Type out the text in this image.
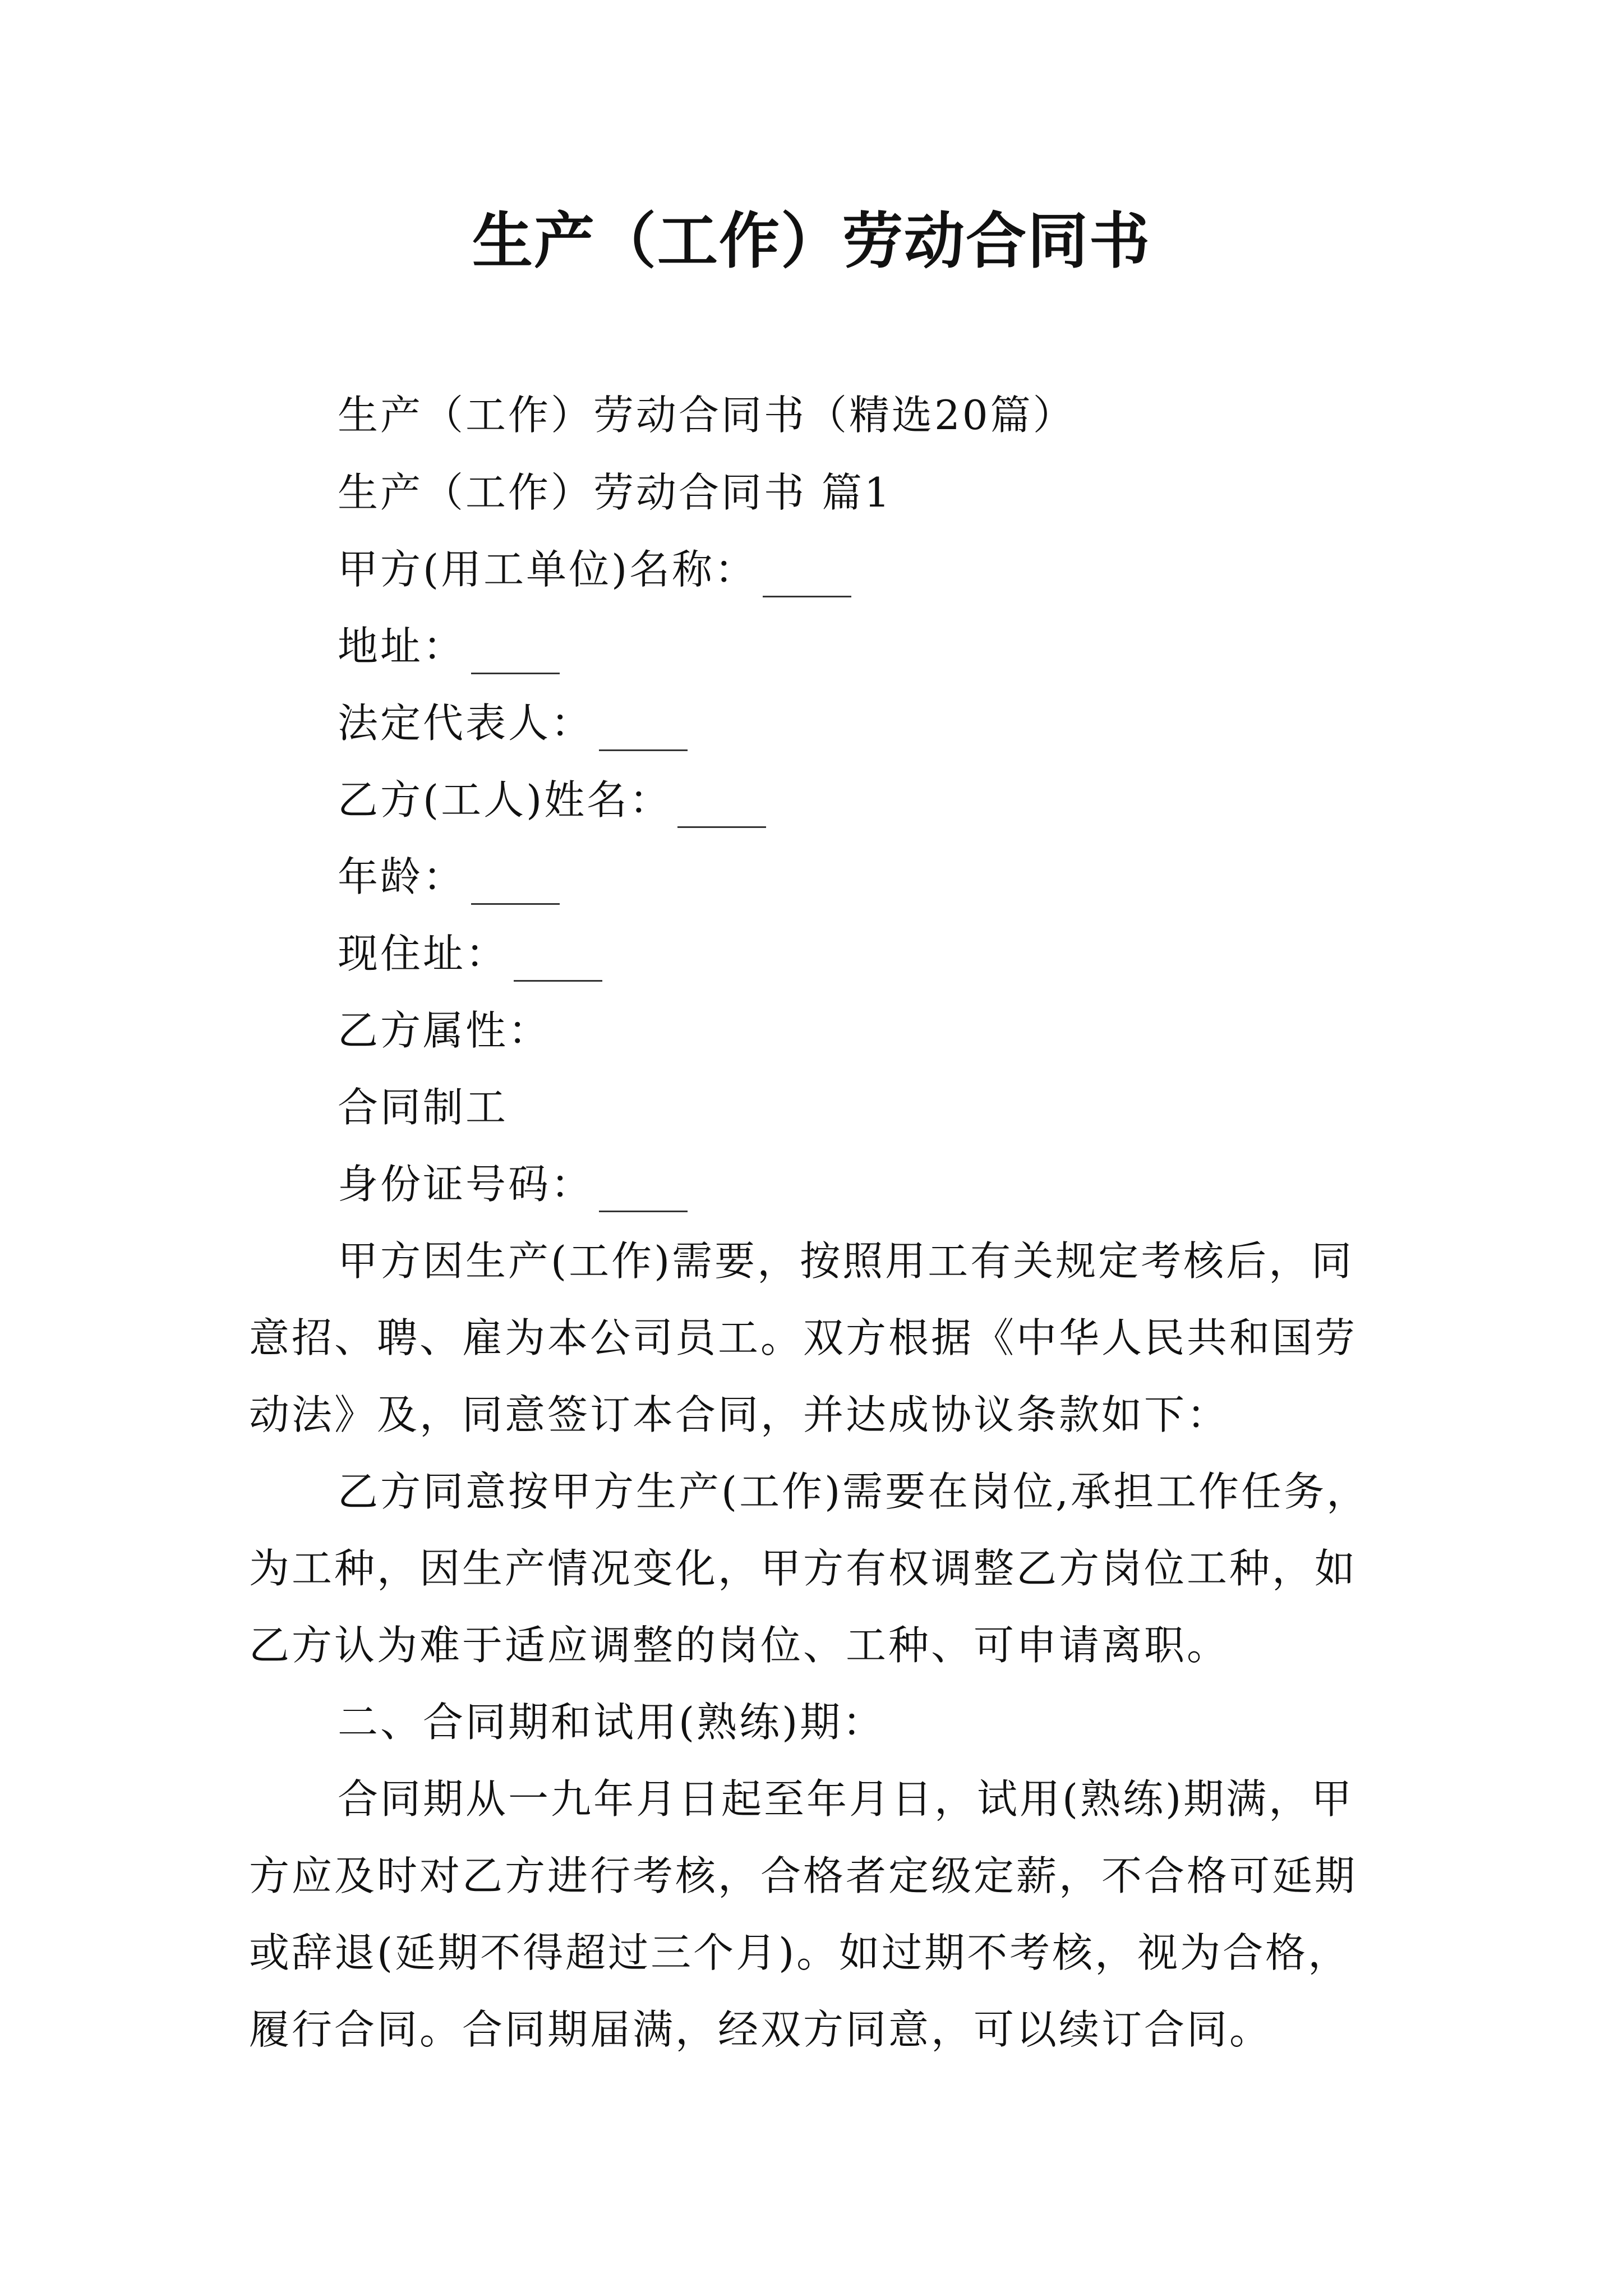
生产（工作）劳动合同书
生产（工作）劳动合同书（精选20篇）
生产（工作）劳动合同书 篇1
甲方(用工单位)名称：
地址：
法定代表人：
乙方(工人)姓名：
年龄：
现住址：
乙方属性：
合同制工
身份证号码：
甲方因生产(工作)需要，按照用工有关规定考核后，同
意招、聘、雇为本公司员工。双方根据《中华人民共和国劳
动法》及，同意签订本合同，并达成协议条款如下：
乙方同意按甲方生产(工作)需要在岗位,承担工作任务，
为工种，因生产情况变化，甲方有权调整乙方岗位工种，如
乙方认为难于适应调整的岗位、工种、可申请离职。
二、合同期和试用(熟练)期：
合同期从一九年月日起至年月日，试用(熟练)期满，甲
方应及时对乙方进行考核，合格者定级定薪，不合格可延期
或辞退(延期不得超过三个月)。如过期不考核，视为合格，
履行合同。合同期届满，经双方同意，可以续订合同。
